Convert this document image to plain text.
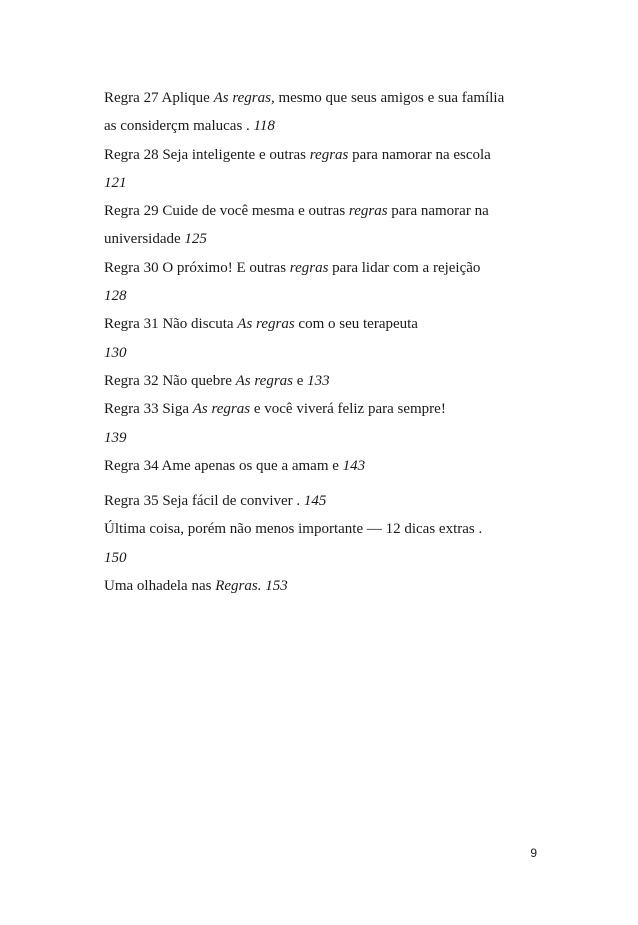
Regra 27 Aplique As regras, mesmo que seus amigos e sua família
as considerçm malucas . 118
Regra 28 Seja inteligente e outras regras para namorar na escola
121
Regra 29 Cuide de você mesma e outras regras para namorar na
universidade 125
Regra 30 O próximo! E outras regras para lidar com a rejeição
128
Regra 31 Não discuta As regras com o seu terapeuta
130
Regra 32 Não quebre As regras e 133
Regra 33 Siga As regras e você viverá feliz para sempre!
139
Regra 34 Ame apenas os que a amam e 143
Regra 35 Seja fácil de conviver . 145
Última coisa, porém não menos importante — 12 dicas extras .
150
Uma olhadela nas Regras. 153
9
